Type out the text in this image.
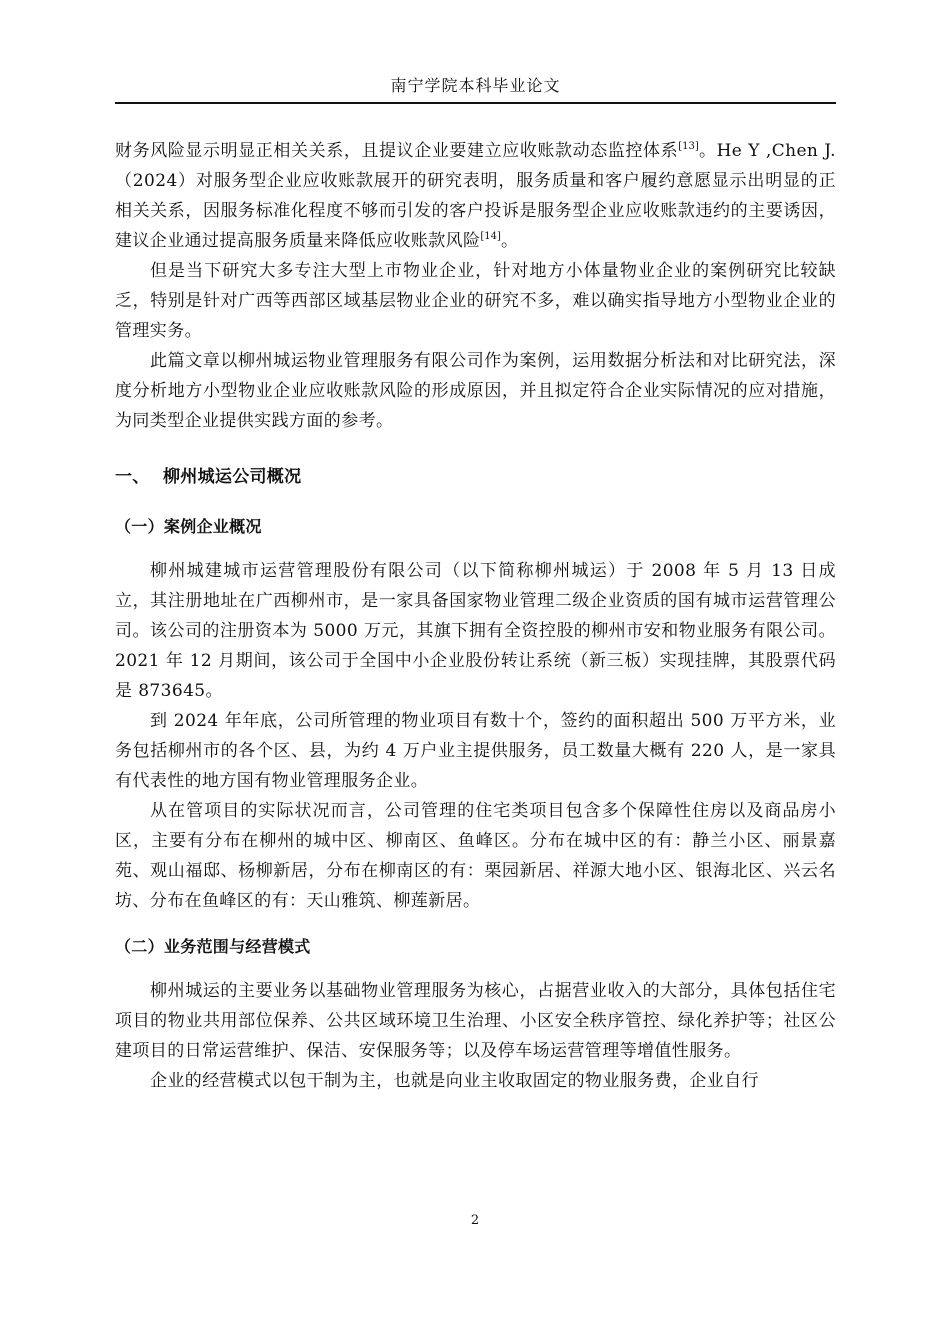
南宁学院本科毕业论文

财务风险显示明显正相关关系，且提议企业要建立应收账款动态监控体系[13]。He Y ,Chen J. （2024）对服务型企业应收账款展开的研究表明，服务质量和客户履约意愿显示出明显的正相关关系，因服务标准化程度不够而引发的客户投诉是服务型企业应收账款违约的主要诱因，建议企业通过提高服务质量来降低应收账款风险[14]。

但是当下研究大多专注大型上市物业企业，针对地方小体量物业企业的案例研究比较缺乏，特别是针对广西等西部区域基层物业企业的研究不多，难以确实指导地方小型物业企业的管理实务。

此篇文章以柳州城运物业管理服务有限公司作为案例，运用数据分析法和对比研究法，深度分析地方小型物业企业应收账款风险的形成原因，并且拟定符合企业实际情况的应对措施，为同类型企业提供实践方面的参考。

一、 柳州城运公司概况
（一）案例企业概况

柳州城建城市运营管理股份有限公司（以下简称柳州城运）于 2008 年 5 月 13 日成立，其注册地址在广西柳州市，是一家具备国家物业管理二级企业资质的国有城市运营管理公司。该公司的注册资本为 5000 万元，其旗下拥有全资控股的柳州市安和物业服务有限公司。2021 年 12 月期间，该公司于全国中小企业股份转让系统（新三板）实现挂牌，其股票代码是 873645。

到 2024 年年底，公司所管理的物业项目有数十个，签约的面积超出 500 万平方米，业务包括柳州市的各个区、县，为约 4 万户业主提供服务，员工数量大概有 220 人，是一家具有代表性的地方国有物业管理服务企业。

从在管项目的实际状况而言，公司管理的住宅类项目包含多个保障性住房以及商品房小区，主要有分布在柳州的城中区、柳南区、鱼峰区。分布在城中区的有：静兰小区、丽景嘉苑、观山福邸、杨柳新居，分布在柳南区的有：栗园新居、祥源大地小区、银海北区、兴云名坊、分布在鱼峰区的有：天山雅筑、柳莲新居。

（二）业务范围与经营模式

柳州城运的主要业务以基础物业管理服务为核心，占据营业收入的大部分，具体包括住宅项目的物业共用部位保养、公共区域环境卫生治理、小区安全秩序管控、绿化养护等；社区公建项目的日常运营维护、保洁、安保服务等；以及停车场运营管理等增值性服务。

企业的经营模式以包干制为主，也就是向业主收取固定的物业服务费，企业自行

2
